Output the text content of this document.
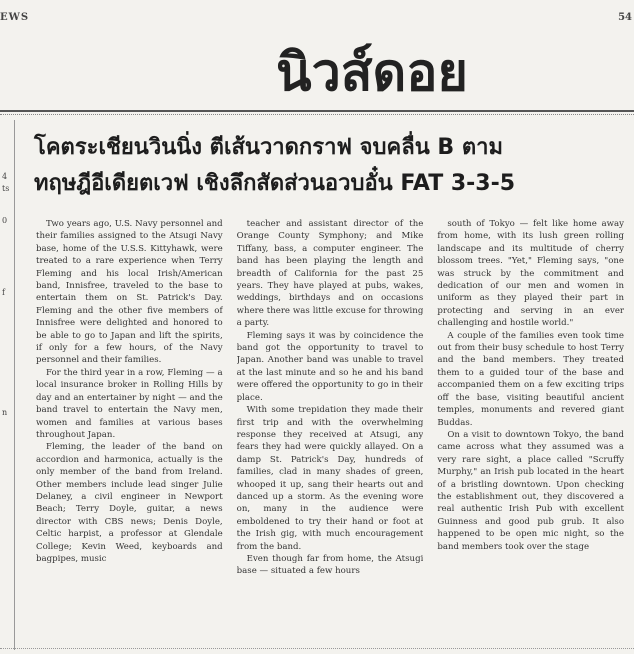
EWS	54
นิวส์ดอย
4
ts
0
f
n
โคตระเชียนวินนิ่ง ตีเส้นวาดกราฟ จบคลื่น B ตาม
ทฤษฎีอีเดียตเวฟ เชิงลึกสัดส่วนอวบอั๋น FAT 3-3-5

Two years ago, U.S. Navy personnel and their families assigned to the Atsugi Navy base, home of the U.S.S. Kittyhawk, were treated to a rare experience when Terry Fleming and his local Irish/American band, Innisfree, traveled to the base to entertain them on St. Patrick's Day. Fleming and the other five members of Innisfree were delighted and honored to be able to go to Japan and lift the spirits, if only for a few hours, of the Navy personnel and their families.

For the third year in a row, Fleming — a local insurance broker in Rolling Hills by day and an entertainer by night — and the band travel to entertain the Navy men, women and families at various bases throughout Japan.

Fleming, the leader of the band on accordion and harmonica, actually is the only member of the band from Ireland. Other members include lead singer Julie Delaney, a civil engineer in Newport Beach; Terry Doyle, guitar, a news director with CBS news; Denis Doyle, Celtic harpist, a professor at Glendale College; Kevin Weed, keyboards and bagpipes, music

teacher and assistant director of the Orange County Symphony; and Mike Tiffany, bass, a computer engineer. The band has been playing the length and breadth of California for the past 25 years. They have played at pubs, wakes, weddings, birthdays and on occasions where there was little excuse for throwing a party.

Fleming says it was by coincidence the band got the opportunity to travel to Japan. Another band was unable to travel at the last minute and so he and his band were offered the opportunity to go in their place.

With some trepidation they made their first trip and with the overwhelming response they received at Atsugi, any fears they had were quickly allayed. On a damp St. Patrick's Day, hundreds of families, clad in many shades of green, whooped it up, sang their hearts out and danced up a storm. As the evening wore on, many in the audience were emboldened to try their hand or foot at the Irish gig, with much encouragement from the band.

Even though far from home, the Atsugi base — situated a few hours

south of Tokyo — felt like home away from home, with its lush green rolling landscape and its multitude of cherry blossom trees. "Yet," Fleming says, "one was struck by the commitment and dedication of our men and women in uniform as they played their part in protecting and serving in an ever challenging and hostile world."

A couple of the families even took time out from their busy schedule to host Terry and the band members. They treated them to a guided tour of the base and accompanied them on a few exciting trips off the base, visiting beautiful ancient temples, monuments and revered giant Buddas.

On a visit to downtown Tokyo, the band came across what they assumed was a very rare sight, a place called "Scruffy Murphy," an Irish pub located in the heart of a bristling downtown. Upon checking the establishment out, they discovered a real authentic Irish Pub with excellent Guinness and good pub grub. It also happened to be open mic night, so the band members took over the stage
